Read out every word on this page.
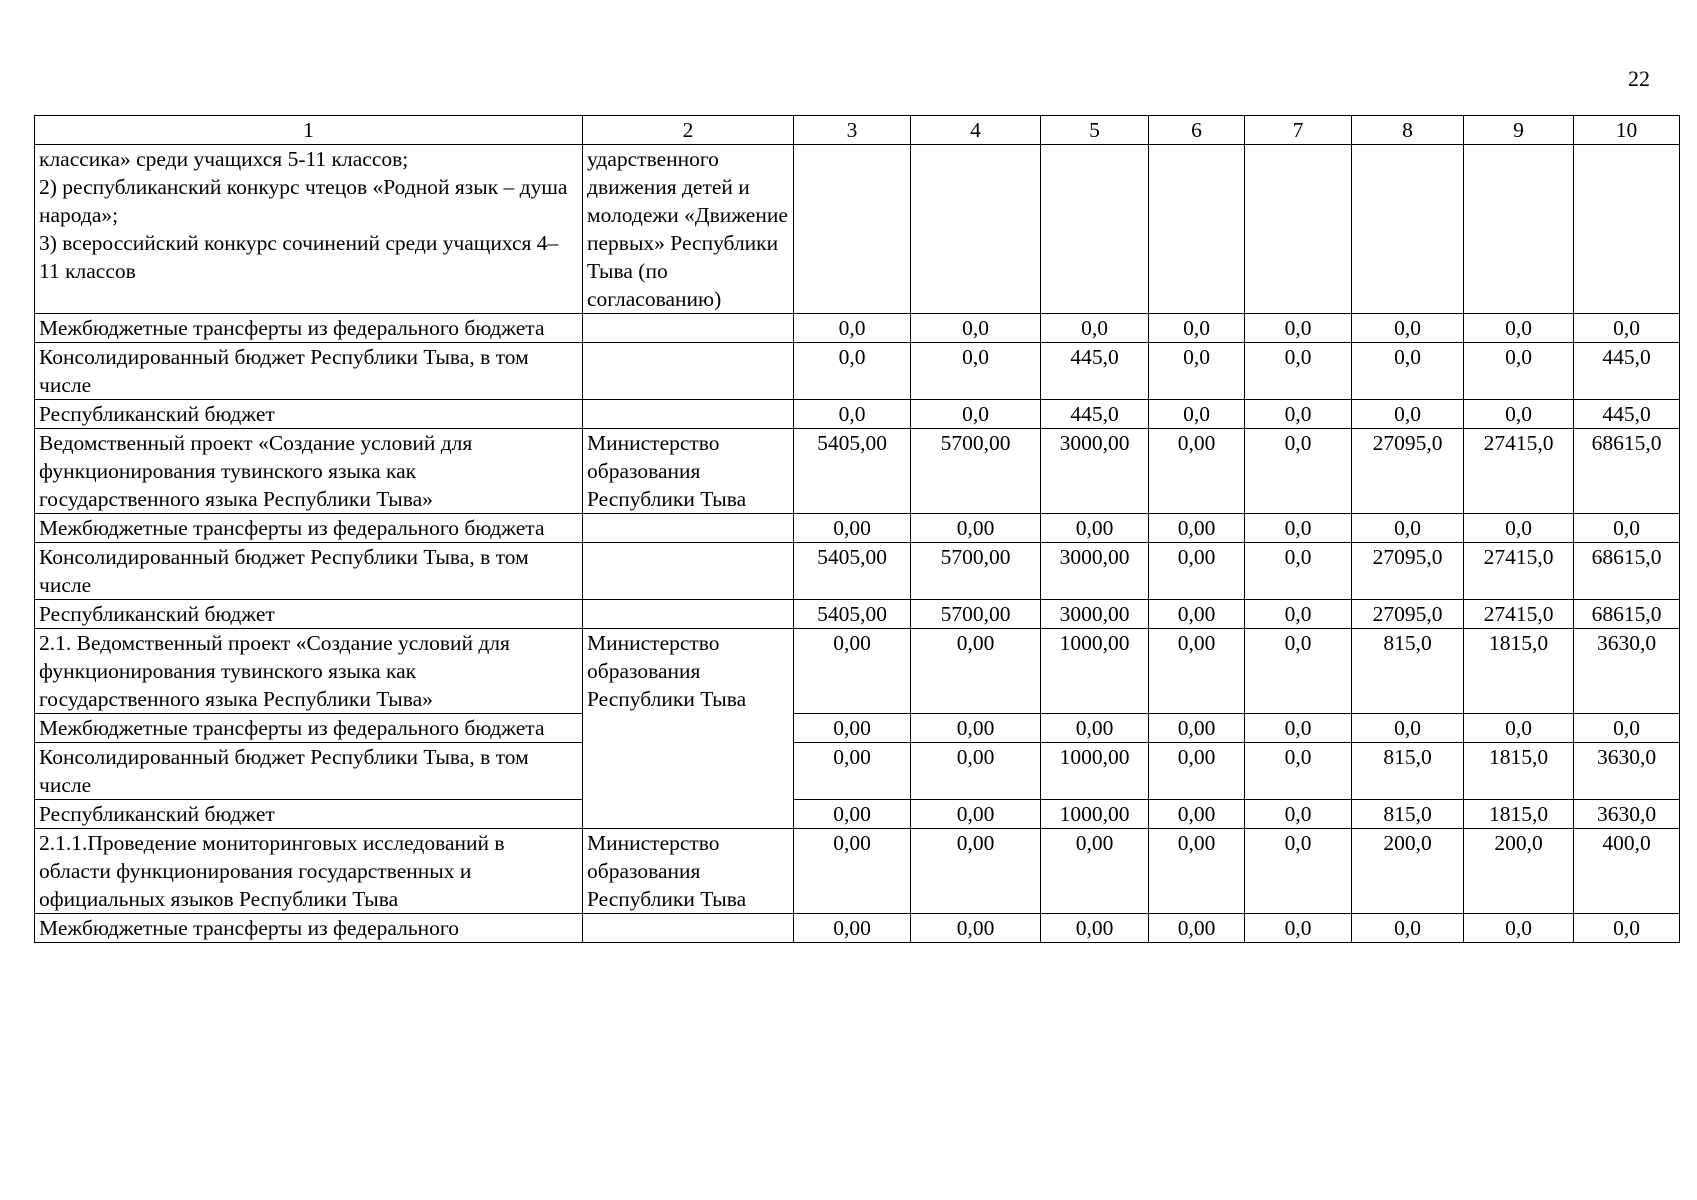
22
1	2	3	4	5	6	7	8	9	10
классика» среди учащихся 5-11 классов;
2) республиканский конкурс чтецов «Родной язык – душа народа»;
3) всероссийский конкурс сочинений среди учащихся 4–11 классов	ударственного движения детей и молодежи «Движение первых» Республики Тыва (по согласованию)								
Межбюджетные трансферты из федерального бюджета		0,0	0,0	0,0	0,0	0,0	0,0	0,0	0,0
Консолидированный бюджет Республики Тыва, в том числе		0,0	0,0	445,0	0,0	0,0	0,0	0,0	445,0
Республиканский бюджет		0,0	0,0	445,0	0,0	0,0	0,0	0,0	445,0
Ведомственный проект «Создание условий для функционирования тувинского языка как государственного языка Республики Тыва»	Министерство образования Республики Тыва	5405,00	5700,00	3000,00	0,00	0,0	27095,0	27415,0	68615,0
Межбюджетные трансферты из федерального бюджета		0,00	0,00	0,00	0,00	0,0	0,0	0,0	0,0
Консолидированный бюджет Республики Тыва, в том числе		5405,00	5700,00	3000,00	0,00	0,0	27095,0	27415,0	68615,0
Республиканский бюджет		5405,00	5700,00	3000,00	0,00	0,0	27095,0	27415,0	68615,0
2.1. Ведомственный проект «Создание условий для функционирования тувинского языка как государственного языка Республики Тыва»	Министерство образования Республики Тыва	0,00	0,00	1000,00	0,00	0,0	815,0	1815,0	3630,0
Межбюджетные трансферты из федерального бюджета		0,00	0,00	0,00	0,00	0,0	0,0	0,0	0,0
Консолидированный бюджет Республики Тыва, в том числе		0,00	0,00	1000,00	0,00	0,0	815,0	1815,0	3630,0
Республиканский бюджет		0,00	0,00	1000,00	0,00	0,0	815,0	1815,0	3630,0
2.1.1.Проведение мониторинговых исследований в области функционирования государственных и официальных языков Республики Тыва	Министерство образования Республики Тыва	0,00	0,00	0,00	0,00	0,0	200,0	200,0	400,0
Межбюджетные трансферты из федерального		0,00	0,00	0,00	0,00	0,0	0,0	0,0	0,0
